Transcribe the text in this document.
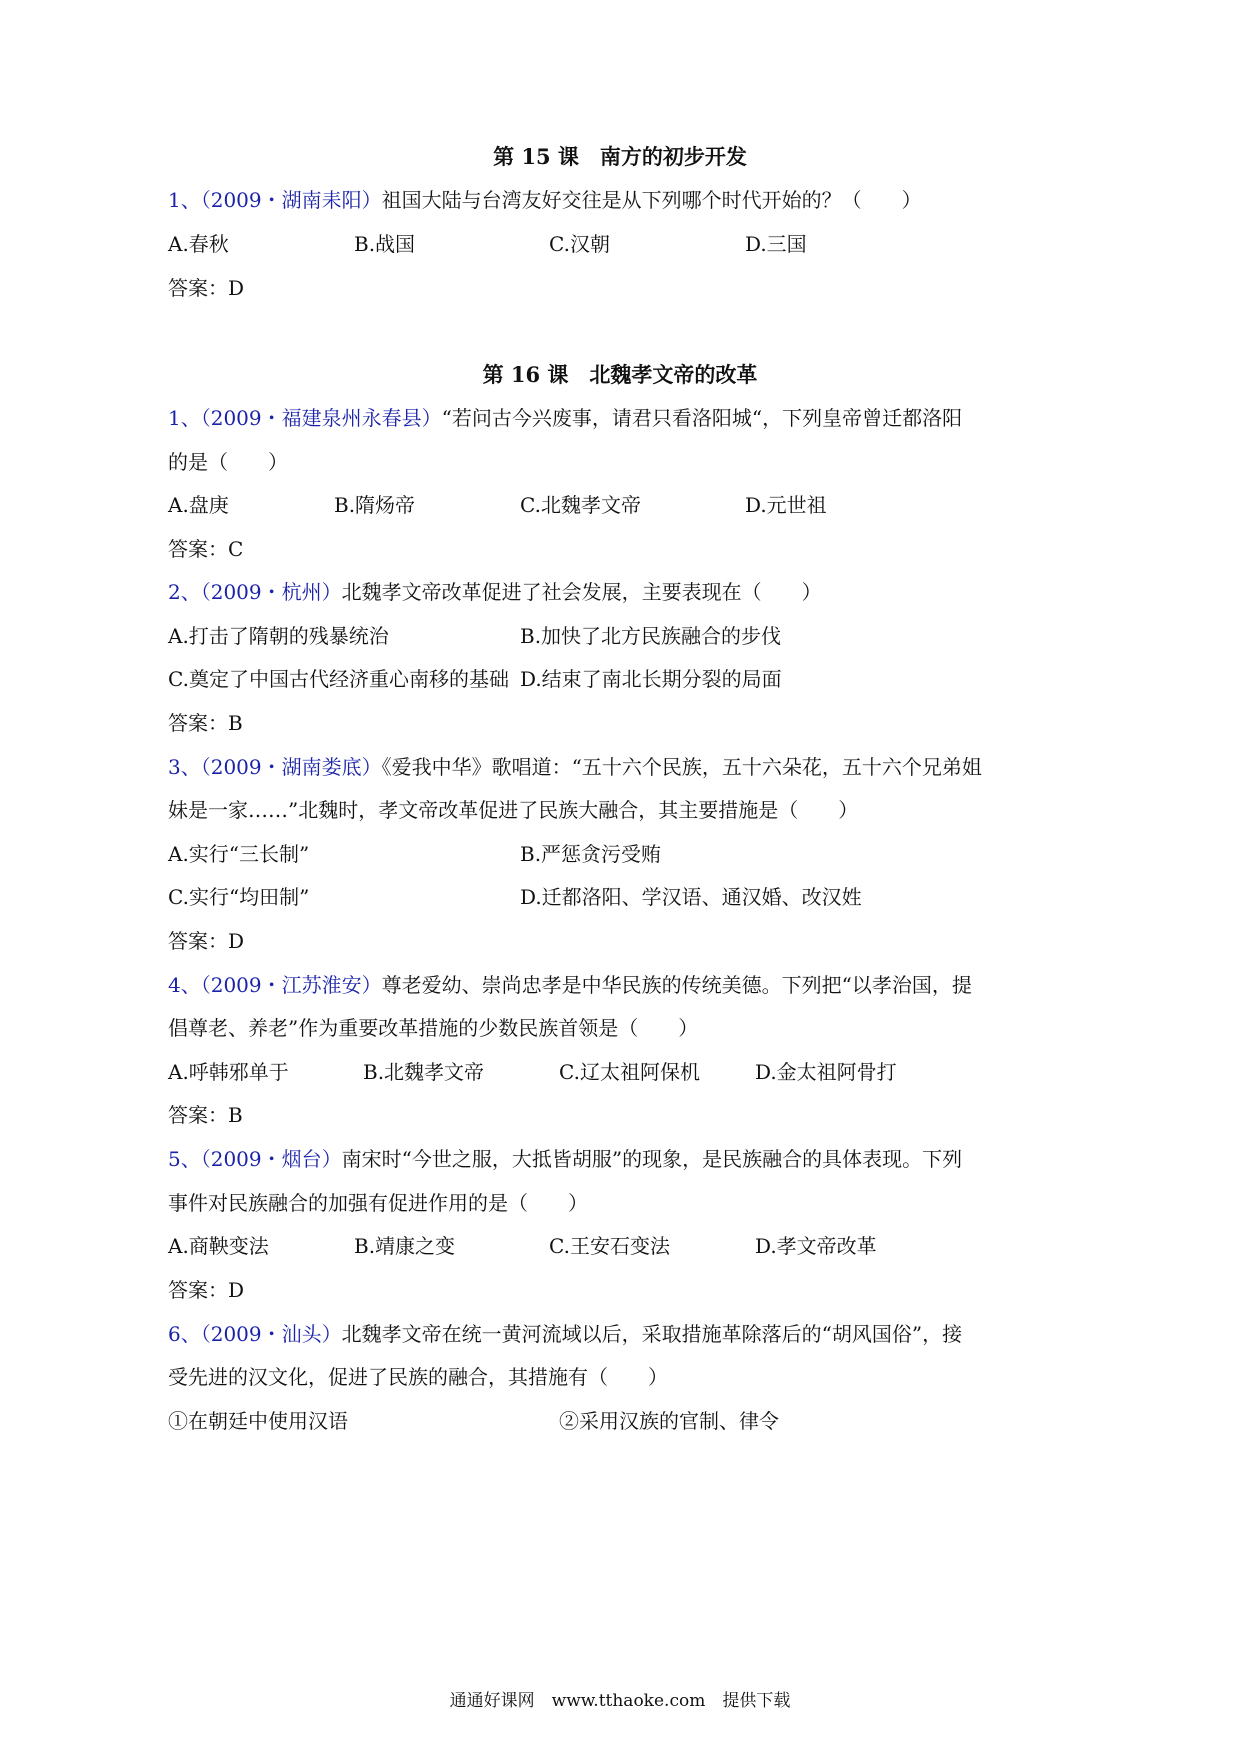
第 15 课　南方的初步开发
1、（2009・湖南耒阳）祖国大陆与台湾友好交往是从下列哪个时代开始的？（　　）
A.春秋	B.战国	C.汉朝	D.三国
答案：D
第 16 课　北魏孝文帝的改革
1、（2009・福建泉州永春县）“若问古今兴废事，请君只看洛阳城“，下列皇帝曾迁都洛阳
的是（　　）
A.盘庚	B.隋炀帝	C.北魏孝文帝	D.元世祖
答案：C
2、（2009・杭州）北魏孝文帝改革促进了社会发展，主要表现在（　　）
A.打击了隋朝的残暴统治	B.加快了北方民族融合的步伐
C.奠定了中国古代经济重心南移的基础 D.结束了南北长期分裂的局面
答案：B
3、（2009・湖南娄底）《爱我中华》歌唱道：“五十六个民族，五十六朵花，五十六个兄弟姐
妹是一家……”北魏时，孝文帝改革促进了民族大融合，其主要措施是（　　）
A.实行“三长制”	B.严惩贪污受贿
C.实行“均田制”	D.迁都洛阳、学汉语、通汉婚、改汉姓
答案：D
4、（2009・江苏淮安）尊老爱幼、崇尚忠孝是中华民族的传统美德。下列把“以孝治国，提
倡尊老、养老”作为重要改革措施的少数民族首领是（　　）
A.呼韩邪单于	B.北魏孝文帝	C.辽太祖阿保机	D.金太祖阿骨打
答案：B
5、（2009・烟台）南宋时“今世之服，大抵皆胡服”的现象，是民族融合的具体表现。下列
事件对民族融合的加强有促进作用的是（　　）
A.商鞅变法	B.靖康之变	C.王安石变法	D.孝文帝改革
答案：D
6、（2009・汕头）北魏孝文帝在统一黄河流域以后，采取措施革除落后的“胡风国俗”，接
受先进的汉文化，促进了民族的融合，其措施有（　　）
①在朝廷中使用汉语	②采用汉族的官制、律令
通通好课网　www.tthaoke.com　提供下载
